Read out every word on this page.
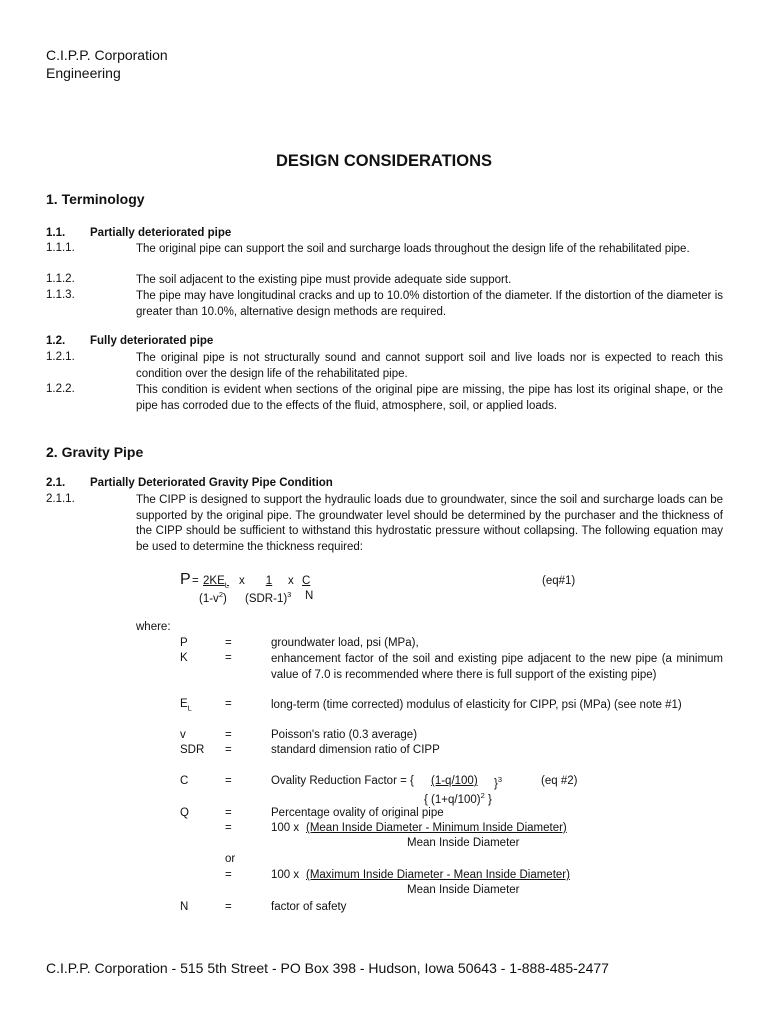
C.I.P.P. Corporation
Engineering
DESIGN CONSIDERATIONS
1. Terminology
1.1. Partially deteriorated pipe
1.1.1.	The original pipe can support the soil and surcharge loads throughout the design life of the rehabilitated pipe.
1.1.2.	The soil adjacent to the existing pipe must provide adequate side support.
1.1.3.	The pipe may have longitudinal cracks and up to 10.0% distortion of the diameter. If the distortion of the diameter is greater than 10.0%, alternative design methods are required.
1.2. Fully deteriorated pipe
1.2.1.	The original pipe is not structurally sound and cannot support soil and live loads nor is expected to reach this condition over the design life of the rehabilitated pipe.
1.2.2.	This condition is evident when sections of the original pipe are missing, the pipe has lost its original shape, or the pipe has corroded due to the effects of the fluid, atmosphere, soil, or applied loads.
2. Gravity Pipe
2.1. Partially Deteriorated Gravity Pipe Condition
2.1.1.	The CIPP is designed to support the hydraulic loads due to groundwater, since the soil and surcharge loads can be supported by the original pipe. The groundwater level should be determined by the purchaser and the thickness of the CIPP should be sufficient to withstand this hydrostatic pressure without collapsing. The following equation may be used to determine the thickness required:
$P = 2KE_L$ x	1	x C
$(1-v^2)$ $(SDR-1)^3$ N
(eq#1)
where:
P	=	groundwater load, psi (MPa),
K	=	enhancement factor of the soil and existing pipe adjacent to the new pipe (a minimum value of 7.0 is recommended where there is full support of the existing pipe)
$E_L$	=	long-term (time corrected) modulus of elasticity for CIPP, psi (MPa) (see note #1)
v	=	Poisson's ratio (0.3 average)
SDR =	standard dimension ratio of CIPP
C	=	Ovality Reduction Factor = { (1-q/100) }$^3$	(eq #2)
{ $(1+q/100)^2$ }
Q	=	Percentage ovality of original pipe
=	100 x (Mean Inside Diameter - Minimum Inside Diameter)
Mean Inside Diameter
or
=	100 x (Maximum Inside Diameter - Mean Inside Diameter)
Mean Inside Diameter
N	=	factor of safety
C.I.P.P. Corporation - 515 5th Street - PO Box 398 - Hudson, Iowa 50643 - 1-888-485-2477
